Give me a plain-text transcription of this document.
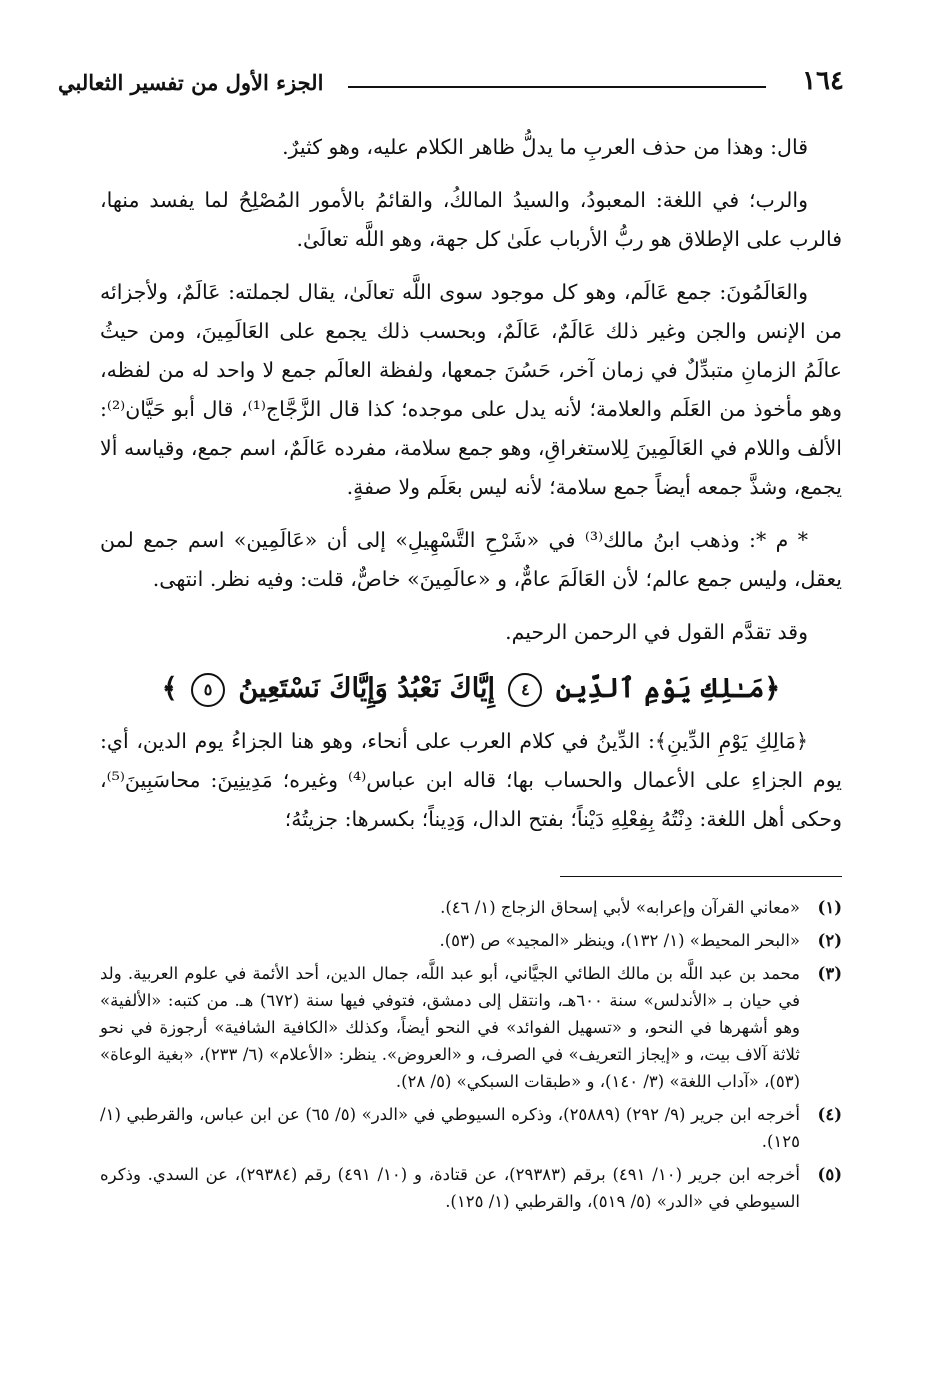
١٦٤
الجزء الأول من تفسير الثعالبي

قال: وهذا من حذف العربِ ما يدلُّ ظاهر الكلام عليه، وهو كثيرٌ.

والرب؛ في اللغة: المعبودُ، والسيدُ المالكُ، والقائمُ بالأمور المُصْلِحُ لما يفسد منها، فالرب على الإطلاق هو ربُّ الأرباب علَىٰ كل جهة، وهو اللَّه تعالَىٰ.

والعَالَمُونَ: جمع عَالَم، وهو كل موجود سوى اللَّه تعالَىٰ، يقال لجملته: عَالَمٌ، ولأجزائه من الإنس والجن وغير ذلك عَالَمٌ، عَالَمٌ، وبحسب ذلك يجمع على العَالَمِينَ، ومن حيثُ عالَمُ الزمانِ متبدِّلٌ في زمان آخر، حَسُنَ جمعها، ولفظة العالَم جمع لا واحد له من لفظه، وهو مأخوذ من العَلَم والعلامة؛ لأنه يدل على موجده؛ كذا قال الزَّجَّاج⁽¹⁾، قال أبو حَيَّان⁽²⁾: الألف واللام في العَالَمِينَ لِلاستغراقِ، وهو جمع سلامة، مفرده عَالَمٌ، اسم جمع، وقياسه ألا يجمع، وشذَّ جمعه أيضاً جمع سلامة؛ لأنه ليس بعَلَم ولا صفةٍ.

* م *: وذهب ابنُ مالك⁽³⁾ في «شَرْحِ التَّسْهِيلِ» إلى أن «عَالَمِين» اسم جمع لمن يعقل، وليس جمع عالم؛ لأن العَالَمَ عامٌّ، و «عالَمِينَ» خاصٌّ، قلت: وفيه نظر. انتهى.

وقد تقدَّم القول في الرحمن الرحيم.

﴿مَـٰلِكِ يَوْمِ ٱلدِّينِ ٤ إِيَّاكَ نَعْبُدُ وَإِيَّاكَ نَسْتَعِينُ ٥ ﴾

﴿مَالِكِ يَوْمِ الدِّينِ﴾: الدِّينُ في كلام العرب على أنحاء، وهو هنا الجزاءُ يوم الدين، أي: يوم الجزاءِ على الأعمال والحساب بها؛ قاله ابن عباس⁽⁴⁾ وغيره؛ مَدِينِينَ: محاسَبِينَ⁽⁵⁾، وحكى أهل اللغة: دِنْتُهُ بِفِعْلِهِ دَيْناً؛ بفتح الدال، وَدِيناً؛ بكسرها: جزيتُهُ؛

(١)
«معاني القرآن وإعرابه» لأبي إسحاق الزجاج (١/ ٤٦).
(٢)
«البحر المحيط» (١/ ١٣٢)، وينظر «المجيد» ص (٥٣).
(٣)
محمد بن عبد اللَّه بن مالك الطائي الجيَّاني، أبو عبد اللَّه، جمال الدين، أحد الأئمة في علوم العربية. ولد في حيان بـ «الأندلس» سنة ٦٠٠هـ، وانتقل إلى دمشق، فتوفي فيها سنة (٦٧٢) هـ. من كتبه: «الألفية» وهو أشهرها في النحو، و «تسهيل الفوائد» في النحو أيضاً، وكذلك «الكافية الشافية» أرجوزة في نحو ثلاثة آلاف بيت، و «إيجاز التعريف» في الصرف، و «العروض». ينظر: «الأعلام» (٦/ ٢٣٣)، «بغية الوعاة» (٥٣)، «آداب اللغة» (٣/ ١٤٠)، و «طبقات السبكي» (٥/ ٢٨).
(٤)
أخرجه ابن جرير (٩/ ٢٩٢) (٢٥٨٨٩)، وذكره السيوطي في «الدر» (٥/ ٦٥) عن ابن عباس، والقرطبي (١/ ١٢٥).
(٥)
أخرجه ابن جرير (١٠/ ٤٩١) برقم (٢٩٣٨٣)، عن قتادة، و (١٠/ ٤٩١) رقم (٢٩٣٨٤)، عن السدي. وذكره السيوطي في «الدر» (٥/ ٥١٩)، والقرطبي (١/ ١٢٥).
